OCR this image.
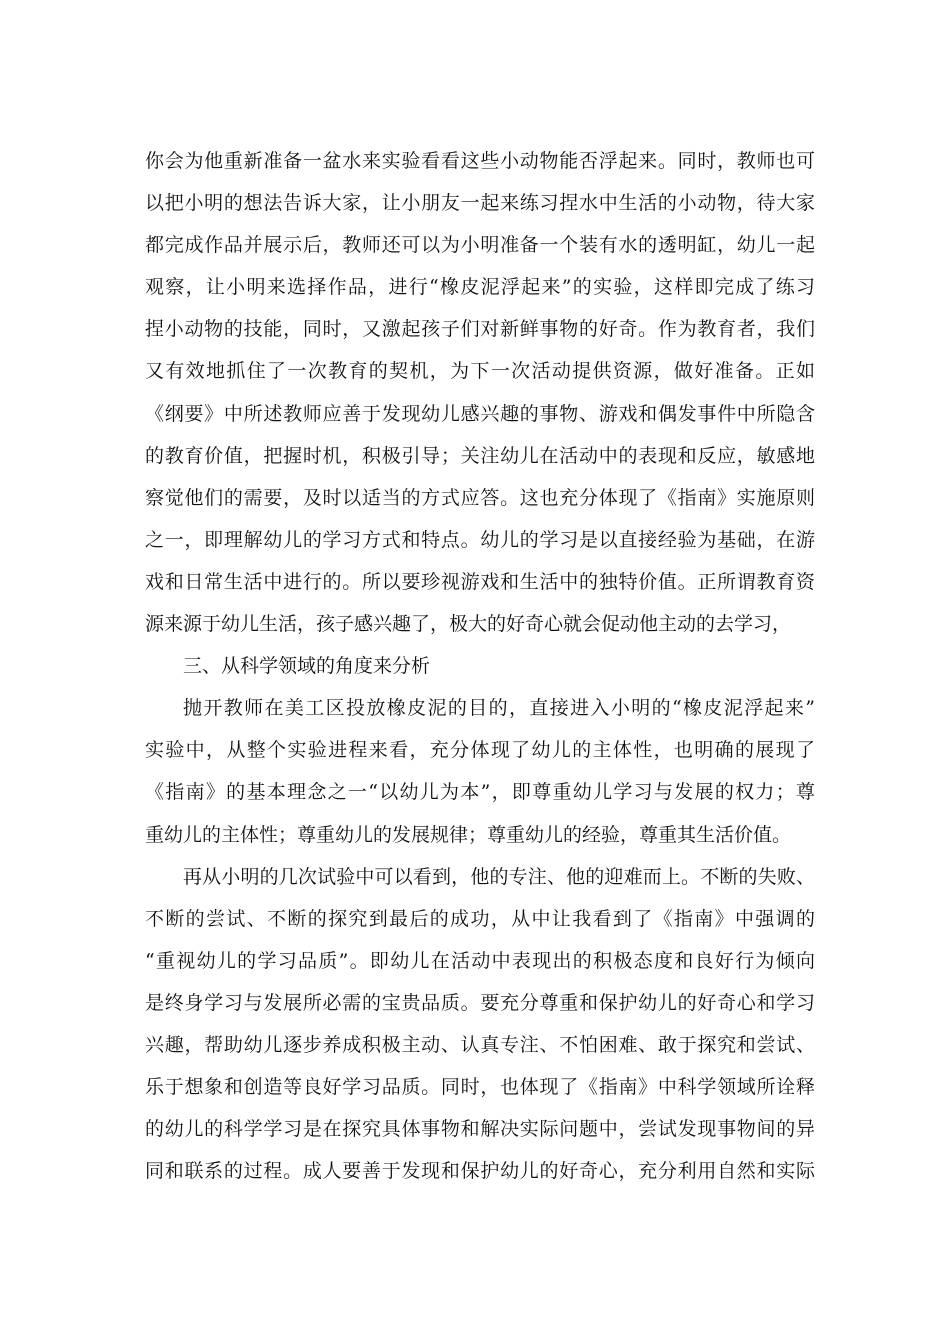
你会为他重新准备一盆水来实验看看这些小动物能否浮起来。同时，教师也可
以把小明的想法告诉大家，让小朋友一起来练习捏水中生活的小动物，待大家
都完成作品并展示后，教师还可以为小明准备一个装有水的透明缸，幼儿一起
观察，让小明来选择作品，进行“橡皮泥浮起来”的实验，这样即完成了练习
捏小动物的技能，同时，又激起孩子们对新鲜事物的好奇。作为教育者，我们
又有效地抓住了一次教育的契机，为下一次活动提供资源，做好准备。正如
《纲要》中所述教师应善于发现幼儿感兴趣的事物、游戏和偶发事件中所隐含
的教育价值，把握时机，积极引导；关注幼儿在活动中的表现和反应，敏感地
察觉他们的需要，及时以适当的方式应答。这也充分体现了《指南》实施原则
之一，即理解幼儿的学习方式和特点。幼儿的学习是以直接经验为基础，在游
戏和日常生活中进行的。所以要珍视游戏和生活中的独特价值。正所谓教育资
源来源于幼儿生活，孩子感兴趣了，极大的好奇心就会促动他主动的去学习，
三、从科学领域的角度来分析
抛开教师在美工区投放橡皮泥的目的，直接进入小明的“橡皮泥浮起来”
实验中，从整个实验进程来看，充分体现了幼儿的主体性，也明确的展现了
《指南》的基本理念之一“以幼儿为本”，即尊重幼儿学习与发展的权力；尊
重幼儿的主体性；尊重幼儿的发展规律；尊重幼儿的经验，尊重其生活价值。
再从小明的几次试验中可以看到，他的专注、他的迎难而上。不断的失败、
不断的尝试、不断的探究到最后的成功，从中让我看到了《指南》中强调的
“重视幼儿的学习品质”。即幼儿在活动中表现出的积极态度和良好行为倾向
是终身学习与发展所必需的宝贵品质。要充分尊重和保护幼儿的好奇心和学习
兴趣，帮助幼儿逐步养成积极主动、认真专注、不怕困难、敢于探究和尝试、
乐于想象和创造等良好学习品质。同时，也体现了《指南》中科学领域所诠释
的幼儿的科学学习是在探究具体事物和解决实际问题中，尝试发现事物间的异
同和联系的过程。成人要善于发现和保护幼儿的好奇心，充分利用自然和实际
